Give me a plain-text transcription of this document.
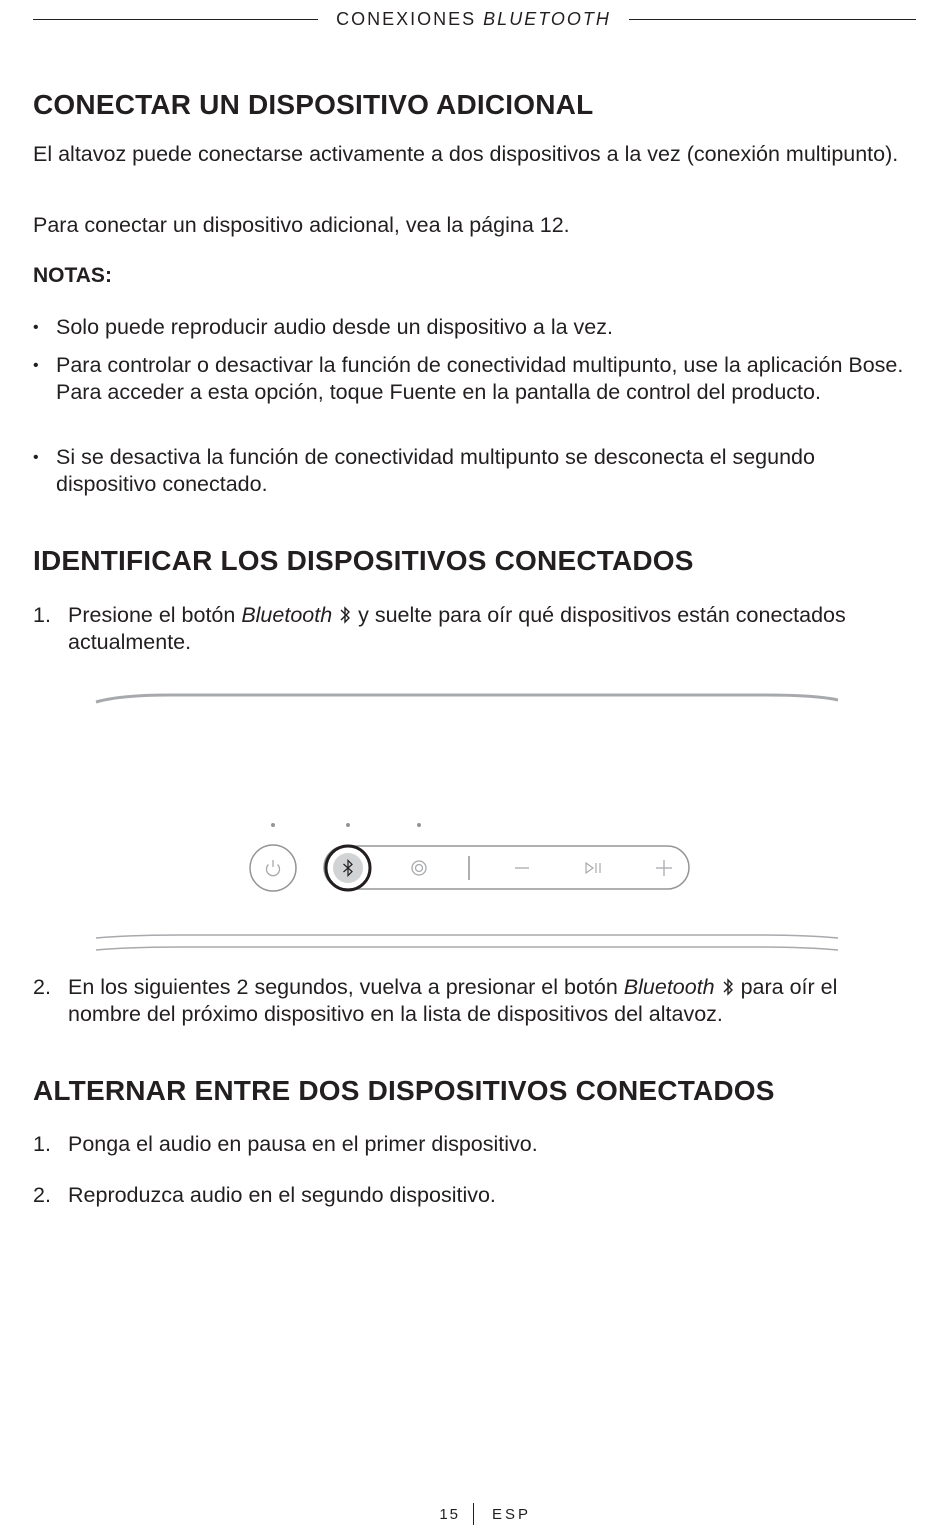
CONEXIONES BLUETOOTH
CONECTAR UN DISPOSITIVO ADICIONAL

El altavoz puede conectarse activamente a dos dispositivos a la vez (conexión multipunto).

Para conectar un dispositivo adicional, vea la página 12.

NOTAS:

• Solo puede reproducir audio desde un dispositivo a la vez.
• Para controlar o desactivar la función de conectividad multipunto, use la aplicación Bose. Para acceder a esta opción, toque Fuente en la pantalla de control del producto.
• Si se desactiva la función de conectividad multipunto se desconecta el segundo dispositivo conectado.
IDENTIFICAR LOS DISPOSITIVOS CONECTADOS
1. Presione el botón Bluetooth  y suelte para oír qué dispositivos están conectados actualmente.
2. En los siguientes 2 segundos, vuelva a presionar el botón Bluetooth  para oír el nombre del próximo dispositivo en la lista de dispositivos del altavoz.
ALTERNAR ENTRE DOS DISPOSITIVOS CONECTADOS
1. Ponga el audio en pausa en el primer dispositivo.
2. Reproduzca audio en el segundo dispositivo.
15 ESP
